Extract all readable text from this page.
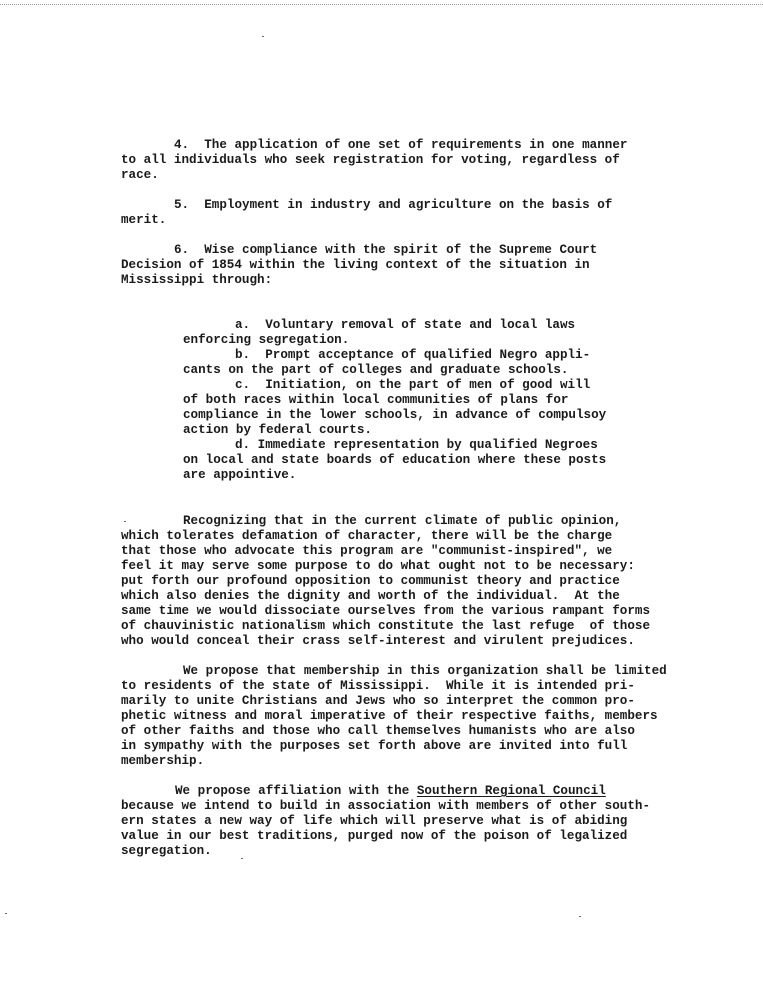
4. The application of one set of requirements in one manner
to all individuals who seek registration for voting, regardless of
race.
5. Employment in industry and agriculture on the basis of
merit.
6. Wise compliance with the spirit of the Supreme Court
Decision of 1854 within the living context of the situation in
Mississippi through:
a.  Voluntary removal of state and local laws
enforcing segregation.
b.  Prompt acceptance of qualified Negro appli-
cants on the part of colleges and graduate schools.
c.  Initiation, on the part of men of good will
of both races within local communities of plans for
compliance in the lower schools, in advance of compulsoy
action by federal courts.
d. Immediate representation by qualified Negroes
on local and state boards of education where these posts
are appointive.
Recognizing that in the current climate of public opinion,
which tolerates defamation of character, there will be the charge
that those who advocate this program are "communist-inspired", we
feel it may serve some purpose to do what ought not to be necessary:
put forth our profound opposition to communist theory and practice
which also denies the dignity and worth of the individual.  At the
same time we would dissociate ourselves from the various rampant forms
of chauvinistic nationalism which constitute the last refuge  of those
who would conceal their crass self-interest and virulent prejudices.
We propose that membership in this organization shall be limited
to residents of the state of Mississippi.  While it is intended pri-
marily to unite Christians and Jews who so interpret the common pro-
phetic witness and moral imperative of their respective faiths, members
of other faiths and those who call themselves humanists who are also
in sympathy with the purposes set forth above are invited into full
membership.
We propose affiliation with the Southern Regional Council
because we intend to build in association with members of other south-
ern states a new way of life which will preserve what is of abiding
value in our best traditions, purged now of the poison of legalized
segregation.
